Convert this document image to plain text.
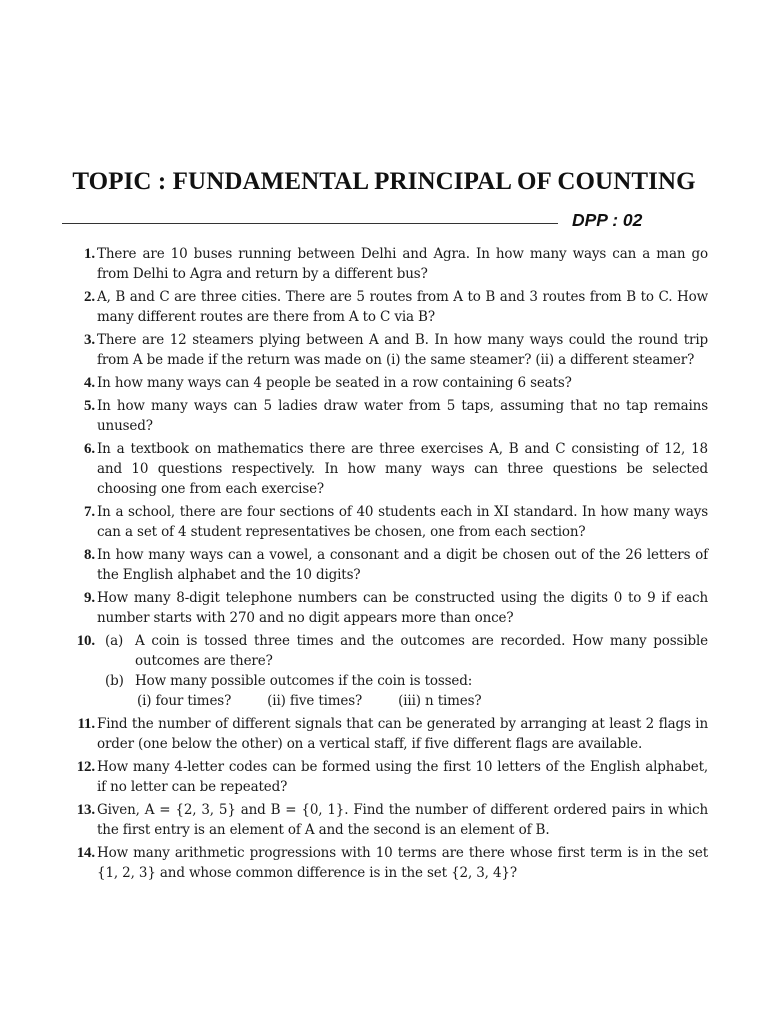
TOPIC : FUNDAMENTAL PRINCIPAL OF COUNTING
DPP : 02
1. There are 10 buses running between Delhi and Agra. In how many ways can a man go from Delhi to Agra and return by a different bus?
2. A, B and C are three cities. There are 5 routes from A to B and 3 routes from B to C. How many different routes are there from A to C via B?
3. There are 12 steamers plying between A and B. In how many ways could the round trip from A be made if the return was made on (i) the same steamer? (ii) a different steamer?
4. In how many ways can 4 people be seated in a row containing 6 seats?
5. In how many ways can 5 ladies draw water from 5 taps, assuming that no tap remains unused?
6. In a textbook on mathematics there are three exercises A, B and C consisting of 12, 18 and 10 questions respectively. In how many ways can three questions be selected choosing one from each exercise?
7. In a school, there are four sections of 40 students each in XI standard. In how many ways can a set of 4 student representatives be chosen, one from each section?
8. In how many ways can a vowel, a consonant and a digit be chosen out of the 26 letters of the English alphabet and the 10 digits?
9. How many 8-digit telephone numbers can be constructed using the digits 0 to 9 if each number starts with 270 and no digit appears more than once?
10. (a) A coin is tossed three times and the outcomes are recorded. How many possible outcomes are there?
(b) How many possible outcomes if the coin is tossed:
(i) four times?	(ii) five times?	(iii) n times?
11. Find the number of different signals that can be generated by arranging at least 2 flags in order (one below the other) on a vertical staff, if five different flags are available.
12. How many 4-letter codes can be formed using the first 10 letters of the English alphabet, if no letter can be repeated?
13. Given, A = {2, 3, 5} and B = {0, 1}. Find the number of different ordered pairs in which the first entry is an element of A and the second is an element of B.
14. How many arithmetic progressions with 10 terms are there whose first term is in the set {1, 2, 3} and whose common difference is in the set {2, 3, 4}?
